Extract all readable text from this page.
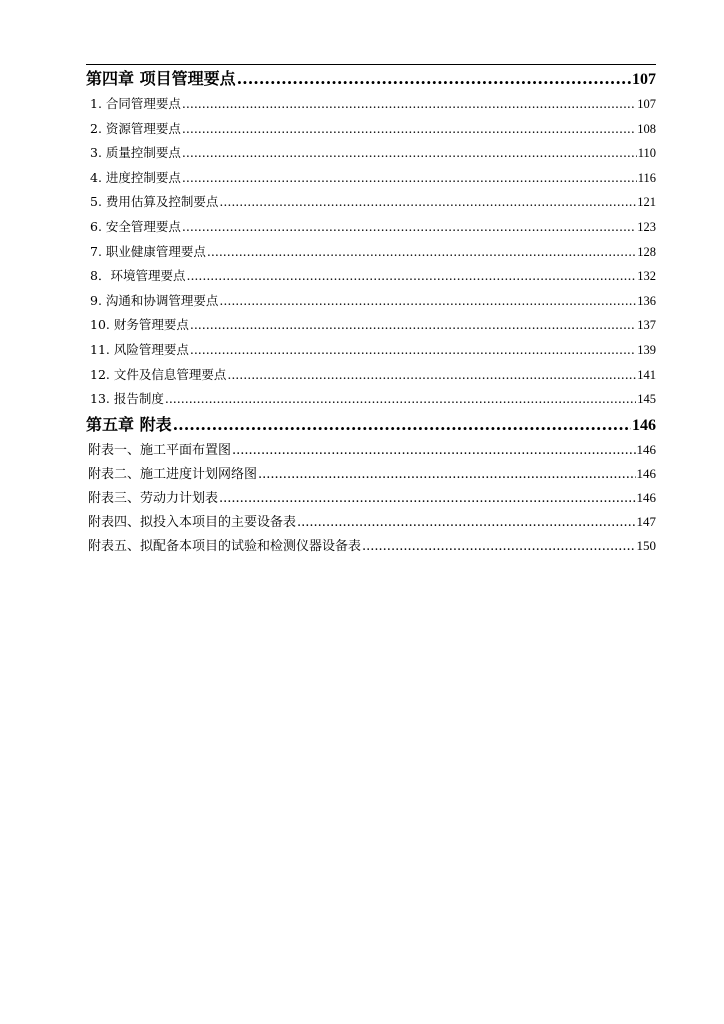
第四章 项目管理要点 .....	107
1. 合同管理要点 .....	107
2. 资源管理要点 .....	108
3. 质量控制要点 .....	110
4. 进度控制要点 .....	116
5. 费用估算及控制要点 .....	121
6. 安全管理要点 .....	123
7. 职业健康管理要点 .....	128
8．环境管理要点 .....	132
9. 沟通和协调管理要点 .....	136
10. 财务管理要点 .....	137
11. 风险管理要点 .....	139
12. 文件及信息管理要点 .....	141
13. 报告制度 .....	145
第五章 附表 .....	146
附表一、施工平面布置图 .....	146
附表二、施工进度计划网络图 .....	146
附表三、劳动力计划表 .....	146
附表四、拟投入本项目的主要设备表 .....	147
附表五、拟配备本项目的试验和检测仪器设备表 .....	150
